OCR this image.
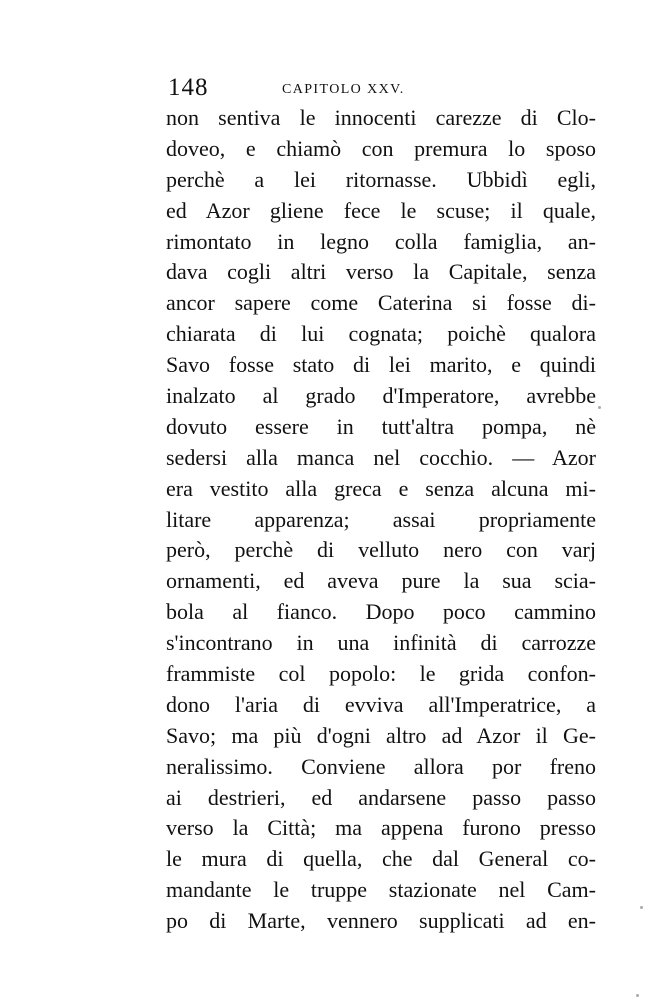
148	CAPITOLO XXV.
non sentiva le innocenti carezze di Clo-
doveo, e chiamò con premura lo sposo
perchè a lei ritornasse. Ubbidì egli,
ed Azor gliene fece le scuse; il quale,
rimontato in legno colla famiglia, an-
dava cogli altri verso la Capitale, senza
ancor sapere come Caterina si fosse di-
chiarata di lui cognata; poichè qualora
Savo fosse stato di lei marito, e quindi
inalzato al grado d'Imperatore, avrebbe
dovuto essere in tutt'altra pompa, nè
sedersi alla manca nel cocchio. — Azor
era vestito alla greca e senza alcuna mi-
litare apparenza; assai propriamente
però, perchè di velluto nero con varj
ornamenti, ed aveva pure la sua scia-
bola al fianco. Dopo poco cammino
s'incontrano in una infinità di carrozze
frammiste col popolo: le grida confon-
dono l'aria di evviva all'Imperatrice, a
Savo; ma più d'ogni altro ad Azor il Ge-
neralissimo. Conviene allora por freno
ai destrieri, ed andarsene passo passo
verso la Città; ma appena furono presso
le mura di quella, che dal General co-
mandante le truppe stazionate nel Cam-
po di Marte, vennero supplicati ad en-
